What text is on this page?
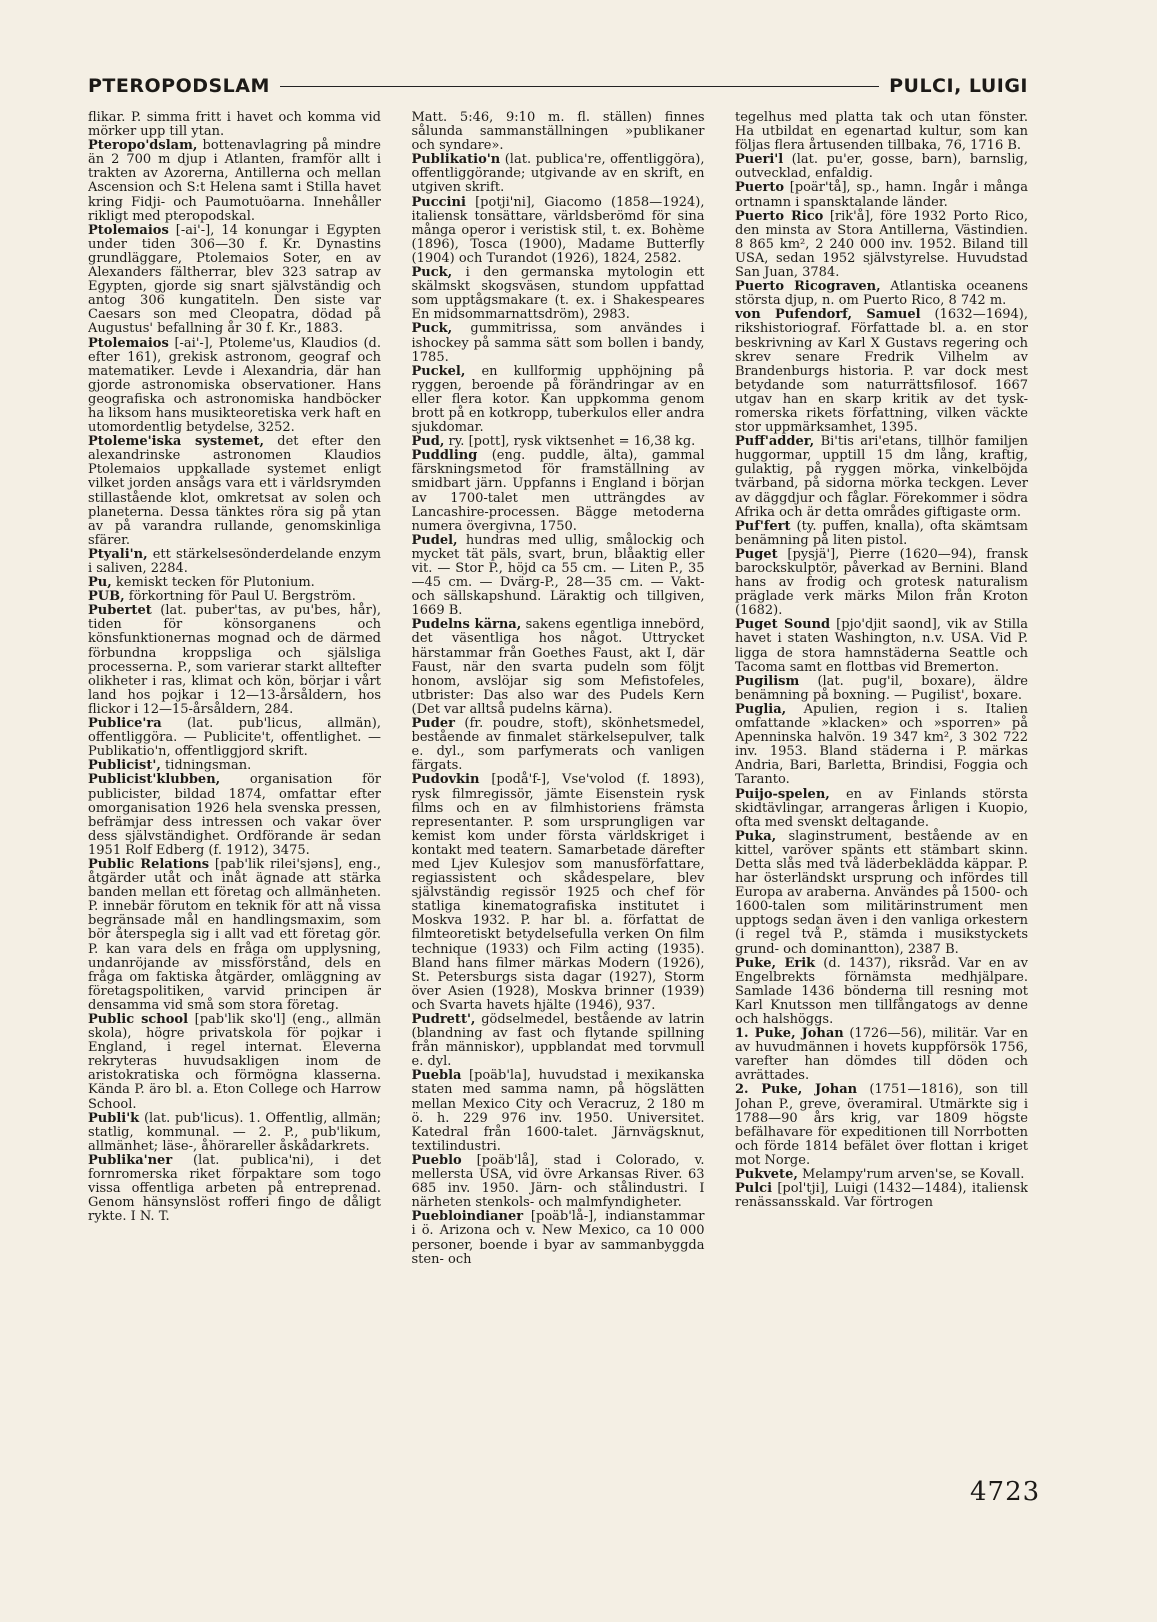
PTEROPODSLAM	PULCI, LUIGI

flikar. P. simma fritt i havet och komma vid mörker upp till ytan.

Pteropo'dslam, bottenavlagring på mindre än 2 700 m djup i Atlanten, framför allt i trakten av Azorerna, Antillerna och mellan Ascension och S:t Helena samt i Stilla havet kring Fidji- och Paumotuöarna. Innehåller rikligt med pteropodskal.

Ptolemaios [-ai'-], 14 konungar i Egypten under tiden 306—30 f. Kr. Dynastins grundläggare, Ptolemaios Soter, en av Alexanders fältherrar, blev 323 satrap av Egypten, gjorde sig snart självständig och antog 306 kungatiteln. Den siste var Caesars son med Cleopatra, dödad på Augustus' befallning år 30 f. Kr., 1883.

Ptolemaios [-ai'-], Ptoleme'us, Klaudios (d. efter 161), grekisk astronom, geograf och matematiker. Levde i Alexandria, där han gjorde astronomiska observationer. Hans geografiska och astronomiska handböcker ha liksom hans musikteoretiska verk haft en utomordentlig betydelse, 3252.

Ptoleme'iska systemet, det efter den alexandrinske astronomen Klaudios Ptolemaios uppkallade systemet enligt vilket jorden ansågs vara ett i världsrymden stillastående klot, omkretsat av solen och planeterna. Dessa tänktes röra sig på ytan av på varandra rullande, genomskinliga sfärer.

Ptyali'n, ett stärkelsesönderdelande enzym i saliven, 2284.

Pu, kemiskt tecken för Plutonium.

PUB, förkortning för Paul U. Bergström.

Pubertet (lat. puber'tas, av pu'bes, hår), tiden för könsorganens och könsfunktionernas mognad och de därmed förbundna kroppsliga och själsliga processerna. P., som varierar starkt alltefter olikheter i ras, klimat och kön, börjar i vårt land hos pojkar i 12—13-årsåldern, hos flickor i 12—15-årsåldern, 284.

Publice'ra (lat. pub'licus, allmän), offentliggöra. — Publicite't, offentlighet. — Publikatio'n, offentliggjord skrift.

Publicist', tidningsman.

Publicist'klubben, organisation för publicister, bildad 1874, omfattar efter omorganisation 1926 hela svenska pressen, befrämjar dess intressen och vakar över dess självständighet. Ordförande är sedan 1951 Rolf Edberg (f. 1912), 3475.

Public Relations [pab'lik rilei'sjəns], eng., åtgärder utåt och inåt ägnade att stärka banden mellan ett företag och allmänheten. P. innebär förutom en teknik för att nå vissa begränsade mål en handlingsmaxim, som bör återspegla sig i allt vad ett företag gör. P. kan vara dels en fråga om upplysning, undanröjande av missförstånd, dels en fråga om faktiska åtgärder, omläggning av företagspolitiken, varvid principen är densamma vid små som stora företag.

Public school [pab'lik sko'l] (eng., allmän skola), högre privatskola för pojkar i England, i regel internat. Eleverna rekryteras huvudsakligen inom de aristokratiska och förmögna klasserna. Kända P. äro bl. a. Eton College och Harrow School.

Publi'k (lat. pub'licus). 1. Offentlig, allmän; statlig, kommunal. — 2. P., pub'likum, allmänhet; läse-, åhörareller åskådarkrets.

Publika'ner (lat. publica'ni), i det fornromerska riket förpaktare som togo vissa offentliga arbeten på entreprenad. Genom hänsynslöst rofferi fingo de dåligt rykte. I N. T.

Matt. 5:46, 9:10 m. fl. ställen) finnes sålunda sammanställningen »publikaner och syndare».

Publikatio'n (lat. publica're, offentliggöra), offentliggörande; utgivande av en skrift, en utgiven skrift.

Puccini [potji'ni], Giacomo (1858—1924), italiensk tonsättare, världsberömd för sina många operor i veristisk stil, t. ex. Bohème (1896), Tosca (1900), Madame Butterfly (1904) och Turandot (1926), 1824, 2582.

Puck, i den germanska mytologin ett skälmskt skogsväsen, stundom uppfattad som upptågsmakare (t. ex. i Shakespeares En midsommarnattsdröm), 2983.

Puck, gummitrissa, som användes i ishockey på samma sätt som bollen i bandy, 1785.

Puckel, en kullformig upphöjning på ryggen, beroende på förändringar av en eller flera kotor. Kan uppkomma genom brott på en kotkropp, tuberkulos eller andra sjukdomar.

Pud, ry. [pott], rysk viktsenhet = 16,38 kg.

Puddling (eng. puddle, älta), gammal färskningsmetod för framställning av smidbart järn. Uppfanns i England i början av 1700-talet men utträngdes av Lancashire-processen. Bägge metoderna numera övergivna, 1750.

Pudel, hundras med ullig, smålockig och mycket tät päls, svart, brun, blåaktig eller vit. — Stor P., höjd ca 55 cm. — Liten P., 35—45 cm. — Dvärg-P., 28—35 cm. — Vakt- och sällskapshund. Läraktig och tillgiven, 1669 B.

Pudelns kärna, sakens egentliga innebörd, det väsentliga hos något. Uttrycket härstammar från Goethes Faust, akt I, där Faust, när den svarta pudeln som följt honom, avslöjar sig som Mefistofeles, utbrister: Das also war des Pudels Kern (Det var alltså pudelns kärna).

Puder (fr. poudre, stoft), skönhetsmedel, bestående av finmalet stärkelsepulver, talk e. dyl., som parfymerats och vanligen färgats.

Pudovkin [podå'f-], Vse'volod (f. 1893), rysk filmregissör, jämte Eisenstein rysk films och en av filmhistoriens främsta representanter. P. som ursprungligen var kemist kom under första världskriget i kontakt med teatern. Samarbetade därefter med Ljev Kulesjov som manusförfattare, regiassistent och skådespelare, blev självständig regissör 1925 och chef för statliga kinematografiska institutet i Moskva 1932. P. har bl. a. författat de filmteoretiskt betydelsefulla verken On film technique (1933) och Film acting (1935). Bland hans filmer märkas Modern (1926), St. Petersburgs sista dagar (1927), Storm över Asien (1928), Moskva brinner (1939) och Svarta havets hjälte (1946), 937.

Pudrett', gödselmedel, bestående av latrin (blandning av fast och flytande spillning från människor), uppblandat med torvmull e. dyl.

Puebla [poäb'la], huvudstad i mexikanska staten med samma namn, på högslätten mellan Mexico City och Veracruz, 2 180 m ö. h. 229 976 inv. 1950. Universitet. Katedral från 1600-talet. Järnvägsknut, textilindustri.

Pueblo [poäb'lå], stad i Colorado, v. mellersta USA, vid övre Arkansas River. 63 685 inv. 1950. Järn- och stålindustri. I närheten stenkols- och malmfyndigheter.

Puebloindianer [poäb'lå-], indianstammar i ö. Arizona och v. New Mexico, ca 10 000 personer, boende i byar av sammanbyggda sten- och

tegelhus med platta tak och utan fönster. Ha utbildat en egenartad kultur, som kan följas flera årtusenden tillbaka, 76, 1716 B.

Pueri'l (lat. pu'er, gosse, barn), barnslig, outvecklad, enfaldig.

Puerto [poär'tå], sp., hamn. Ingår i många ortnamn i spansktalande länder.

Puerto Rico [rik'å], före 1932 Porto Rico, den minsta av Stora Antillerna, Västindien. 8 865 km², 2 240 000 inv. 1952. Biland till USA, sedan 1952 självstyrelse. Huvudstad San Juan, 3784.

Puerto Ricograven, Atlantiska oceanens största djup, n. om Puerto Rico, 8 742 m.

von Pufendorf, Samuel (1632—1694), rikshistoriograf. Författade bl. a. en stor beskrivning av Karl X Gustavs regering och skrev senare Fredrik Vilhelm av Brandenburgs historia. P. var dock mest betydande som naturrättsfilosof. 1667 utgav han en skarp kritik av det tysk-romerska rikets författning, vilken väckte stor uppmärksamhet, 1395.

Puff'adder, Bi'tis ari'etans, tillhör familjen huggormar, upptill 15 dm lång, kraftig, gulaktig, på ryggen mörka, vinkelböjda tvärband, på sidorna mörka teckgen. Lever av däggdjur och fåglar. Förekommer i södra Afrika och är detta områdes giftigaste orm.

Puf'fert (ty. puffen, knalla), ofta skämtsam benämning på liten pistol.

Puget [pysjä'], Pierre (1620—94), fransk barockskulptör, påverkad av Bernini. Bland hans av frodig och grotesk naturalism präglade verk märks Milon från Kroton (1682).

Puget Sound [pjo'djit saond], vik av Stilla havet i staten Washington, n.v. USA. Vid P. ligga de stora hamnstäderna Seattle och Tacoma samt en flottbas vid Bremerton.

Pugilism (lat. pug'il, boxare), äldre benämning på boxning. — Pugilist', boxare.

Puglia, Apulien, region i s. Italien omfattande »klacken» och »sporren» på Apenninska halvön. 19 347 km², 3 302 722 inv. 1953. Bland städerna i P. märkas Andria, Bari, Barletta, Brindisi, Foggia och Taranto.

Puijo-spelen, en av Finlands största skidtävlingar, arrangeras årligen i Kuopio, ofta med svenskt deltagande.

Puka, slaginstrument, bestående av en kittel, varöver spänts ett stämbart skinn. Detta slås med två läderbeklädda käppar. P. har österländskt ursprung och infördes till Europa av araberna. Användes på 1500- och 1600-talen som militärinstrument men upptogs sedan även i den vanliga orkestern (i regel två P., stämda i musikstyckets grund- och dominantton), 2387 B.

Puke, Erik (d. 1437), riksråd. Var en av Engelbrekts förnämsta medhjälpare. Samlade 1436 bönderna till resning mot Karl Knutsson men tillfångatogs av denne och halshöggs.

1. Puke, Johan (1726—56), militär. Var en av huvudmännen i hovets kuppförsök 1756, varefter han dömdes till döden och avrättades.

2. Puke, Johan (1751—1816), son till Johan P., greve, överamiral. Utmärkte sig i 1788—90 års krig, var 1809 högste befälhavare för expeditionen till Norrbotten och förde 1814 befälet över flottan i kriget mot Norge.

Pukvete, Melampy'rum arven'se, se Kovall.

Pulci [pol'tji], Luigi (1432—1484), italiensk renässansskald. Var förtrogen

4723
